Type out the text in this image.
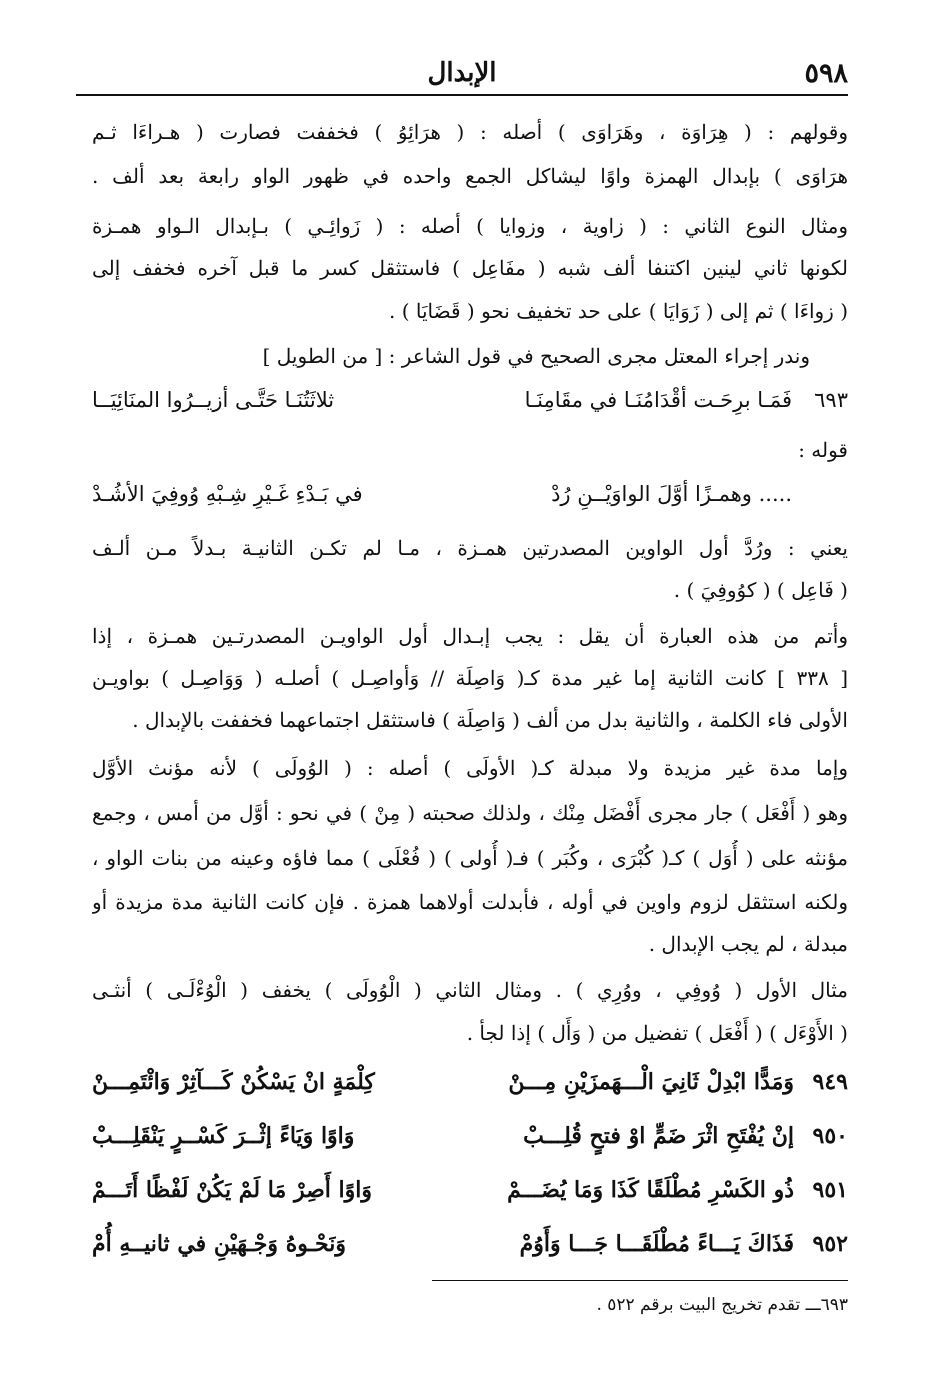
٥٩٨
الإبدال
وقولهم : ( هِرَاوَة ، وهَرَاوَى ) أصله : ( هرَائِوُ ) فخففت فصارت ( هـراءَا ثـم
هرَاوَى ) بإبدال الهمزة واوًا ليشاكل الجمع واحده في ظهور الواو رابعة بعد ألف .
ومثال النوع الثاني : ( زاوية ، وزوايا ) أصله : ( زَوائِـي ) بـإبدال الـواو همـزة
لكونها ثاني لينين اكتنفا ألف شبه ( مفَاعِل ) فاستثقل كسر ما قبل آخره فخفف إلى
( زواءَا ) ثم إلى ( زَوَايَا ) على حد تخفيف نحو ( قَضَايَا ) .
وندر إجراء المعتل مجرى الصحيح في قول الشاعر : [ من الطويل ]
٦٩٣
فَمَـا برِحَـت أقْدَامُنَـا في مقَامِنَـا
ثلاثَتُنَـا حَتَّـى أزيــرُوا المنَائِيَــا
قوله :
..... وهمـزًا أوَّلَ الواوَيْــنِ رُدْ
في بَـدْءِ غَـيْرِ شِـبْهِ وُوفِيَ الأشُـدْ
يعني : ورُدَّ أول الواوين المصدرتين همـزة ، مـا لم تكـن الثانيـة بـدلاً مـن ألـف
( فَاعِل ) ( كوُوفِيَ ) .
وأتم من هذه العبارة أن يقل : يجب إبـدال أول الواويـن المصدرتـين همـزة ، إذا
[ ٣٣٨ ] كانت الثانية إما غير مدة كـ( وَاصِلَة // وَأواصِـل ) أصلـه ( وَوَاصِـل ) بواويـن
الأولى فاء الكلمة ، والثانية بدل من ألف ( وَاصِلَة ) فاستثقل اجتماعهما فخففت بالإبدال .
وإما مدة غير مزيدة ولا مبدلة كـ( الأولَى ) أصله : ( الوُولَى ) لأنه مؤنث الأوَّل
وهو ( أَفْعَل ) جار مجرى أَفْضَل مِنْك ، ولذلك صحبته ( مِنْ ) في نحو : أوَّل من أمس ، وجمع
مؤنثه على ( أُوَل ) كـ( كُبْرَى ، وكُبَر ) فـ( أُولى ) ( فُعْلَى ) مما فاؤه وعينه من بنات الواو ،
ولكنه استثقل لزوم واوين في أوله ، فأبدلت أولاهما همزة . فإن كانت الثانية مدة مزيدة أو
مبدلة ، لم يجب الإبدال .
مثال الأول ( وُوفِي ، ووُرِي ) . ومثال الثاني ( الْوُولَى ) يخفف ( الْوُءْلَـى ) أنثـى
( الأَوْءَل ) ( أَفْعَل ) تفضيل من ( وَأَل ) إذا لجأ .
٩٤٩
وَمَدًّا ابْدِلْ ثَانِيَ الْـــهَمزَيْنِ مِـــنْ
كِلْمَةٍ انْ يَسْكُنْ كَـــآثِرْ وَائْتَمِـــنْ
٩٥٠
إنْ يُفْتَحِ اثْرَ ضَمٍّ اوْ فتحٍ قُلِـــبْ
وَاوًا وَيَاءً إثْــرَ كَسْــرٍ يَنْقَلِـــبْ
٩٥١
ذُو الكَسْرِ مُطْلَقًا كَذَا وَمَا يُضَـــمْ
وَاوًا أَصِرْ مَا لَمْ يَكُنْ لَفْظًا أَتَـــمْ
٩٥٢
فَذَاكَ يَـــاءً مُطْلَقَـــا جَـــا وَأَوُمْ
وَنَحْـوهُ وَجْـهَيْنِ في ثانيــهِ أُمْ
٦٩٣ـــ تقدم تخريج البيت برقم ٥٢٢ .
